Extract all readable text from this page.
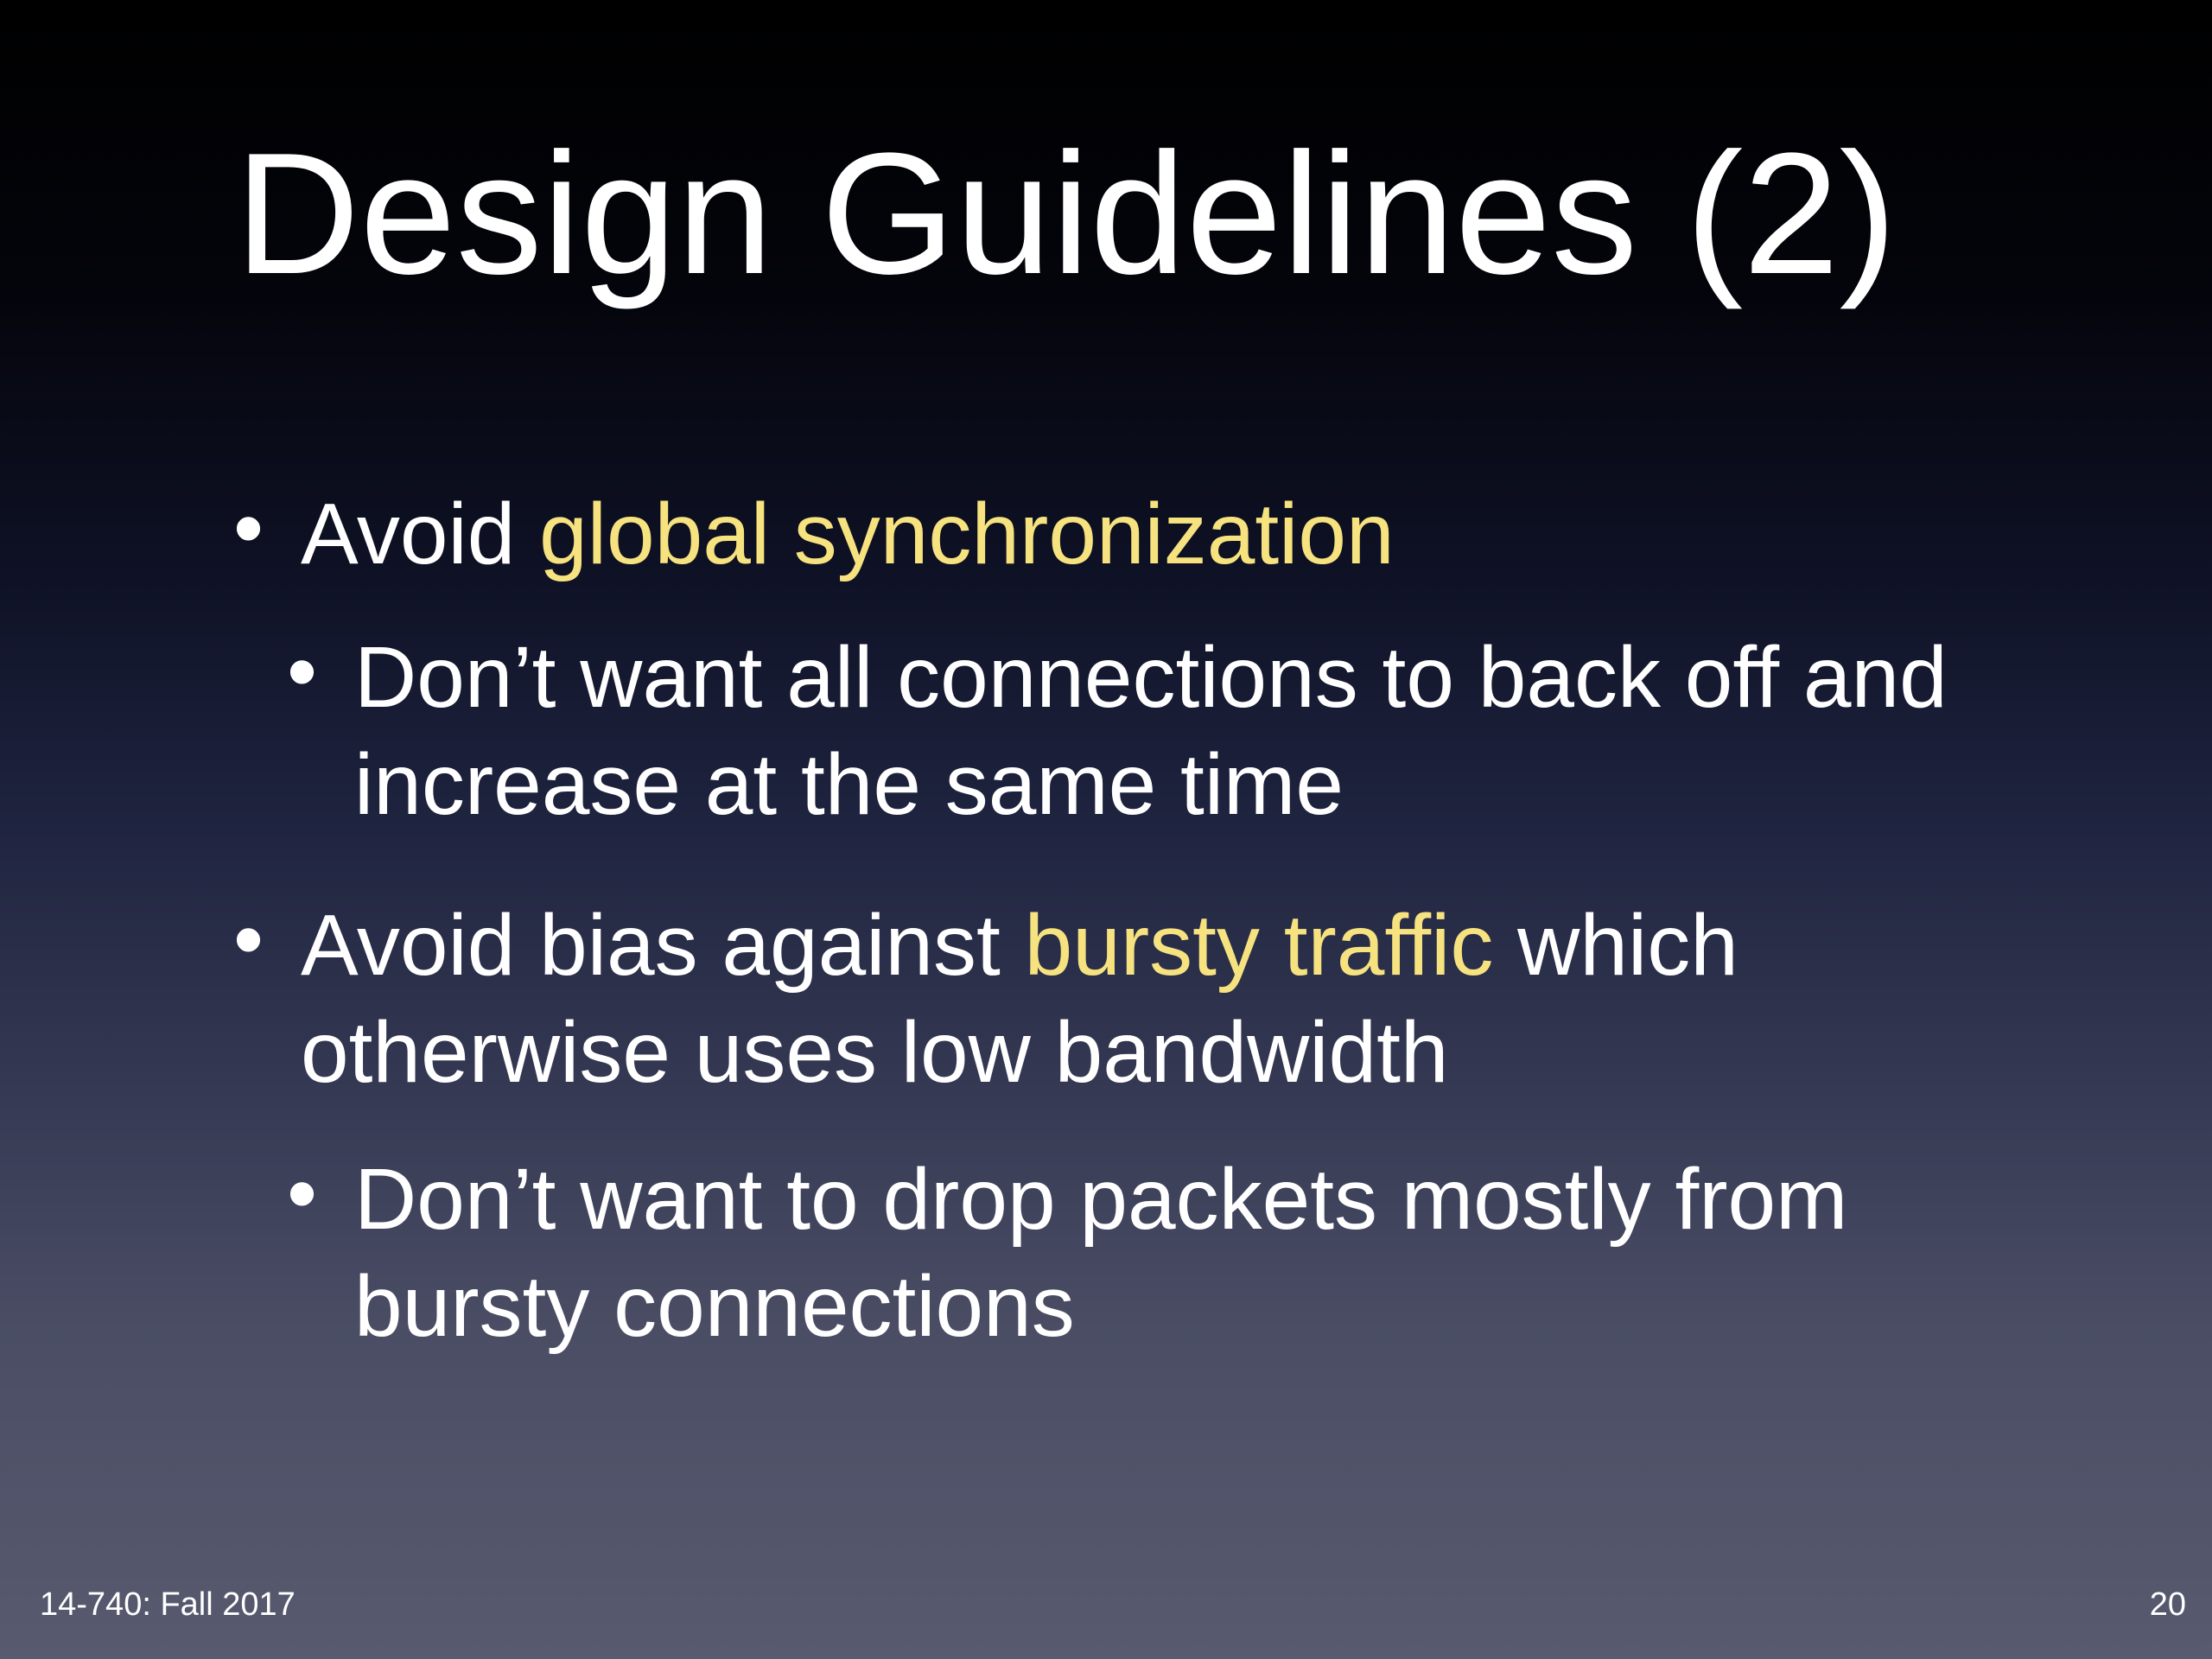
Design Guidelines (2)

• Avoid global synchronization

• Don’t want all connections to back off and increase at the same time

• Avoid bias against bursty traffic which otherwise uses low bandwidth

• Don’t want to drop packets mostly from bursty connections

14-740: Fall 2017	20
